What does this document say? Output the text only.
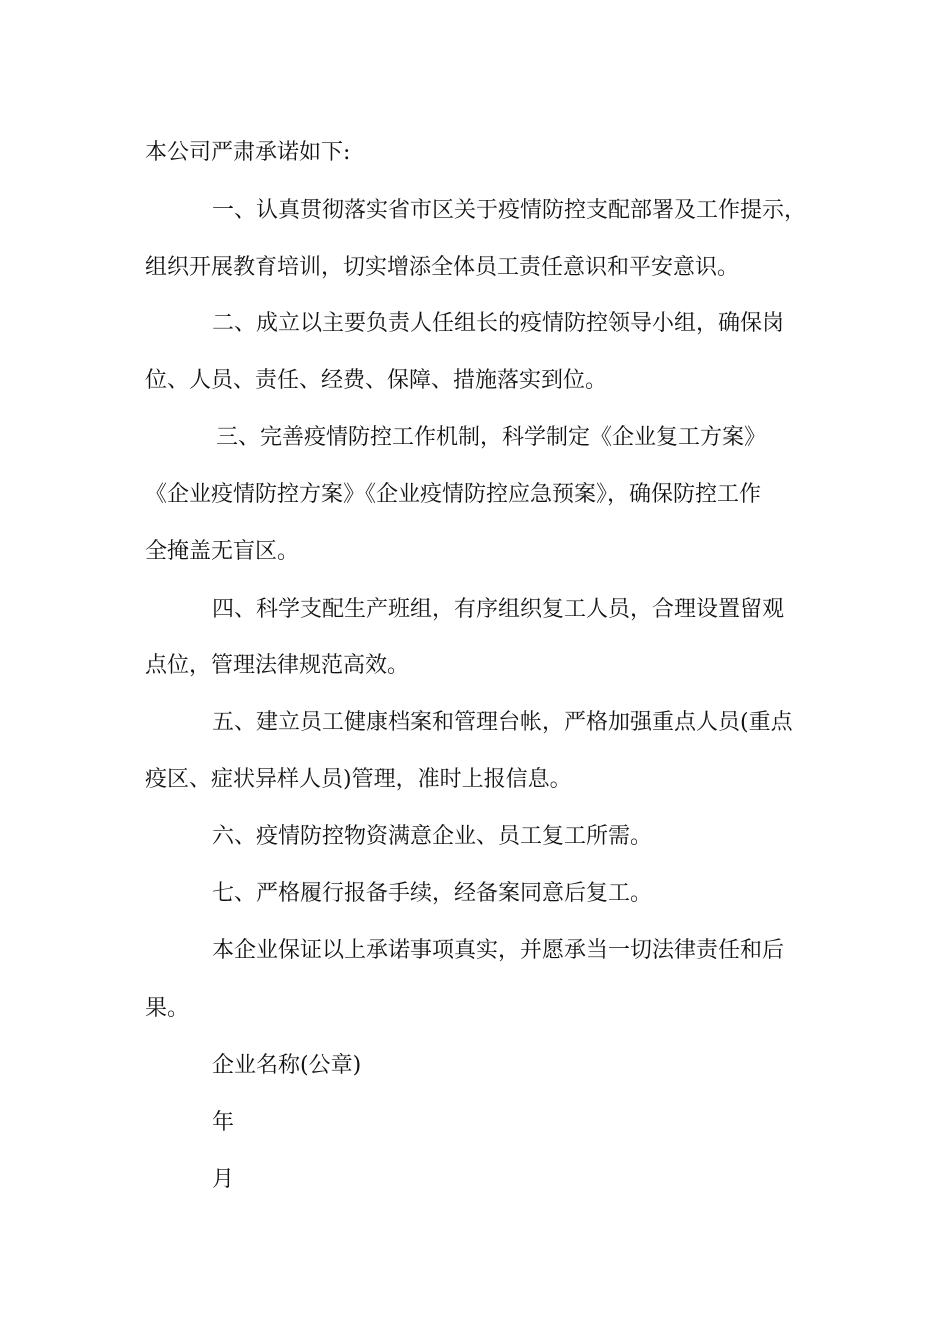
本公司严肃承诺如下:

一、认真贯彻落实省市区关于疫情防控支配部署及工作提示，

组织开展教育培训，切实增添全体员工责任意识和平安意识。

二、成立以主要负责人任组长的疫情防控领导小组，确保岗

位、人员、责任、经费、保障、措施落实到位。

三、完善疫情防控工作机制，科学制定《企业复工方案》

《企业疫情防控方案》《企业疫情防控应急预案》，确保防控工作

全掩盖无盲区。

四、科学支配生产班组，有序组织复工人员，合理设置留观

点位，管理法律规范高效。

五、建立员工健康档案和管理台帐，严格加强重点人员(重点

疫区、症状异样人员)管理，准时上报信息。

六、疫情防控物资满意企业、员工复工所需。

七、严格履行报备手续，经备案同意后复工。

本企业保证以上承诺事项真实，并愿承当一切法律责任和后

果。

企业名称(公章)

年

月
